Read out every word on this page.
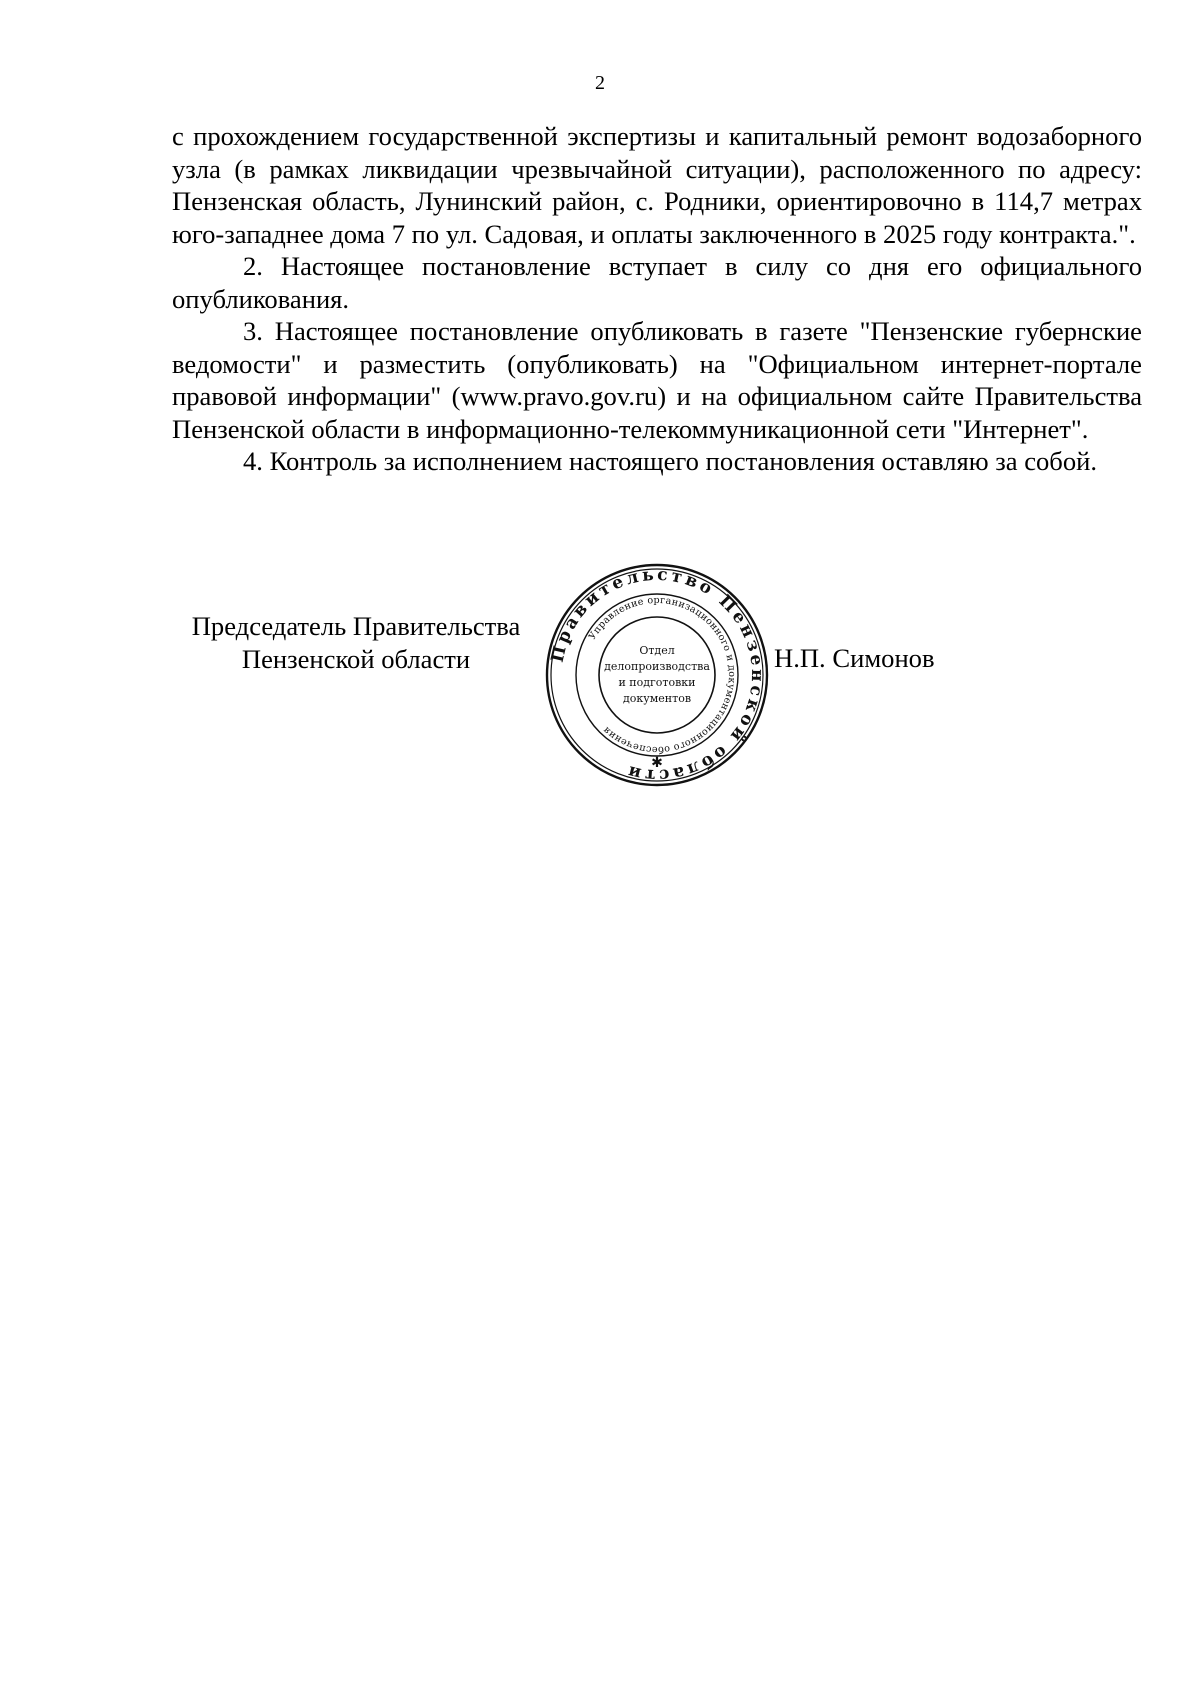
2

с прохождением государственной экспертизы и капитальный ремонт водозаборного узла (в рамках ликвидации чрезвычайной ситуации), расположенного по адресу: Пензенская область, Лунинский район, с. Родники, ориентировочно в 114,7 метрах юго-западнее дома 7 по ул. Садовая, и оплаты заключенного в 2025 году контракта.".

2. Настоящее постановление вступает в силу со дня его официального опубликования.

3. Настоящее постановление опубликовать в газете "Пензенские губернские ведомости" и разместить (опубликовать) на "Официальном интернет-портале правовой информации" (www.pravo.gov.ru) и на официальном сайте Правительства Пензенской области в информационно-телекоммуникационной сети "Интернет".

4. Контроль за исполнением настоящего постановления оставляю за собой.

Председатель Правительства
Пензенской области	Правительство Пензенской области
Управление организационного и документационного обеспечения
Отдел
делопроизводства
и подготовки
документов
✱
Н.П. Симонов
